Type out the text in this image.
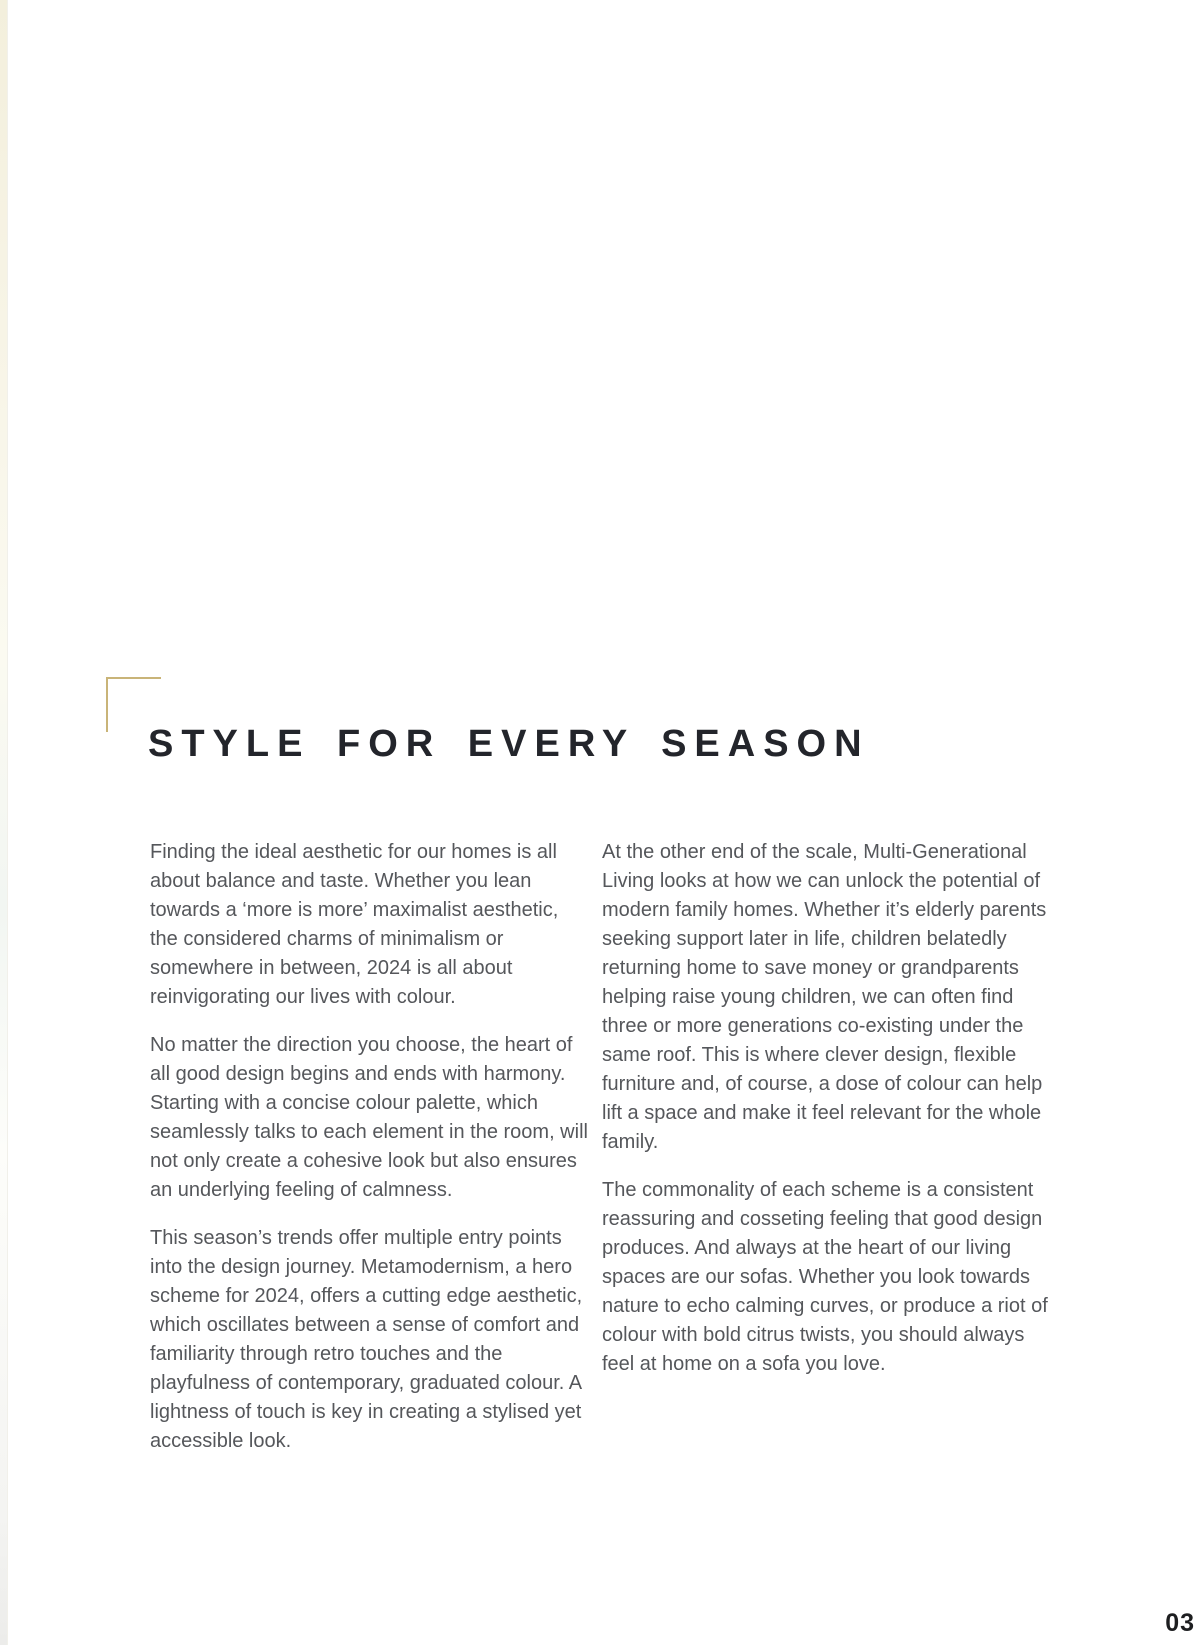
STYLE FOR EVERY SEASON

Finding the ideal aesthetic for our homes is all about balance and taste. Whether you lean towards a ‘more is more’ maximalist aesthetic, the considered charms of minimalism or somewhere in between, 2024 is all about reinvigorating our lives with colour.

No matter the direction you choose, the heart of all good design begins and ends with harmony. Starting with a concise colour palette, which seamlessly talks to each element in the room, will not only create a cohesive look but also ensures an underlying feeling of calmness.

This season’s trends offer multiple entry points into the design journey. Metamodernism, a hero scheme for 2024, offers a cutting edge aesthetic, which oscillates between a sense of comfort and familiarity through retro touches and the playfulness of contemporary, graduated colour. A lightness of touch is key in creating a stylised yet accessible look.

At the other end of the scale, Multi-Generational Living looks at how we can unlock the potential of modern family homes. Whether it’s elderly parents seeking support later in life, children belatedly returning home to save money or grandparents helping raise young children, we can often find three or more generations co-existing under the same roof. This is where clever design, flexible furniture and, of course, a dose of colour can help lift a space and make it feel relevant for the whole family.

The commonality of each scheme is a consistent reassuring and cosseting feeling that good design produces. And always at the heart of our living spaces are our sofas. Whether you look towards nature to echo calming curves, or produce a riot of colour with bold citrus twists, you should always feel at home on a sofa you love.

03
